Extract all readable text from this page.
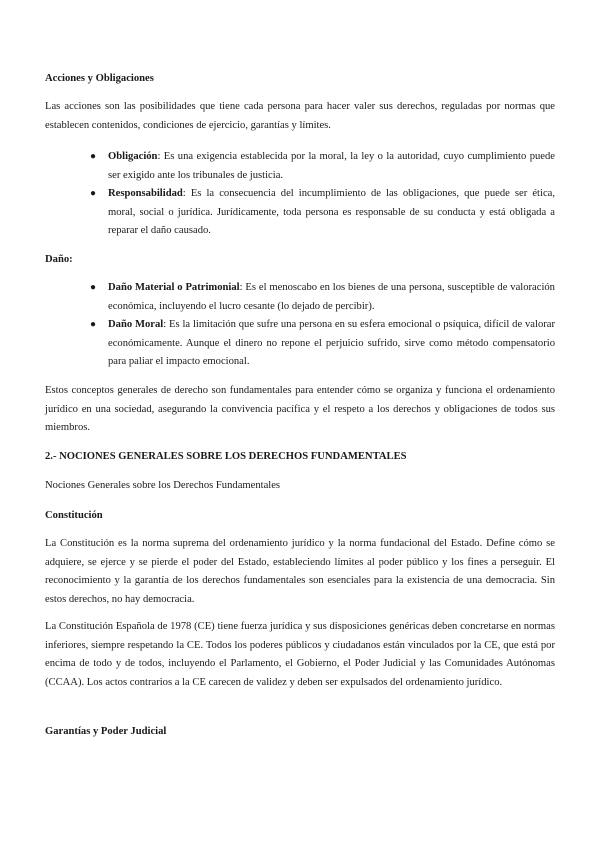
Acciones y Obligaciones
Las acciones son las posibilidades que tiene cada persona para hacer valer sus derechos, reguladas por normas que establecen contenidos, condiciones de ejercicio, garantías y límites.
● Obligación: Es una exigencia establecida por la moral, la ley o la autoridad, cuyo cumplimiento puede ser exigido ante los tribunales de justicia.
● Responsabilidad: Es la consecuencia del incumplimiento de las obligaciones, que puede ser ética, moral, social o jurídica. Jurídicamente, toda persona es responsable de su conducta y está obligada a reparar el daño causado.
Daño:
● Daño Material o Patrimonial: Es el menoscabo en los bienes de una persona, susceptible de valoración económica, incluyendo el lucro cesante (lo dejado de percibir).
● Daño Moral: Es la limitación que sufre una persona en su esfera emocional o psíquica, difícil de valorar económicamente. Aunque el dinero no repone el perjuicio sufrido, sirve como método compensatorio para paliar el impacto emocional.
Estos conceptos generales de derecho son fundamentales para entender cómo se organiza y funciona el ordenamiento jurídico en una sociedad, asegurando la convivencia pacífica y el respeto a los derechos y obligaciones de todos sus miembros.
2.- NOCIONES GENERALES SOBRE LOS DERECHOS FUNDAMENTALES
Nociones Generales sobre los Derechos Fundamentales
Constitución
La Constitución es la norma suprema del ordenamiento jurídico y la norma fundacional del Estado. Define cómo se adquiere, se ejerce y se pierde el poder del Estado, estableciendo límites al poder público y los fines a perseguir. El reconocimiento y la garantía de los derechos fundamentales son esenciales para la existencia de una democracia. Sin estos derechos, no hay democracia.
La Constitución Española de 1978 (CE) tiene fuerza jurídica y sus disposiciones genéricas deben concretarse en normas inferiores, siempre respetando la CE. Todos los poderes públicos y ciudadanos están vinculados por la CE, que está por encima de todo y de todos, incluyendo el Parlamento, el Gobierno, el Poder Judicial y las Comunidades Autónomas (CCAA). Los actos contrarios a la CE carecen de validez y deben ser expulsados del ordenamiento jurídico.
Garantías y Poder Judicial
